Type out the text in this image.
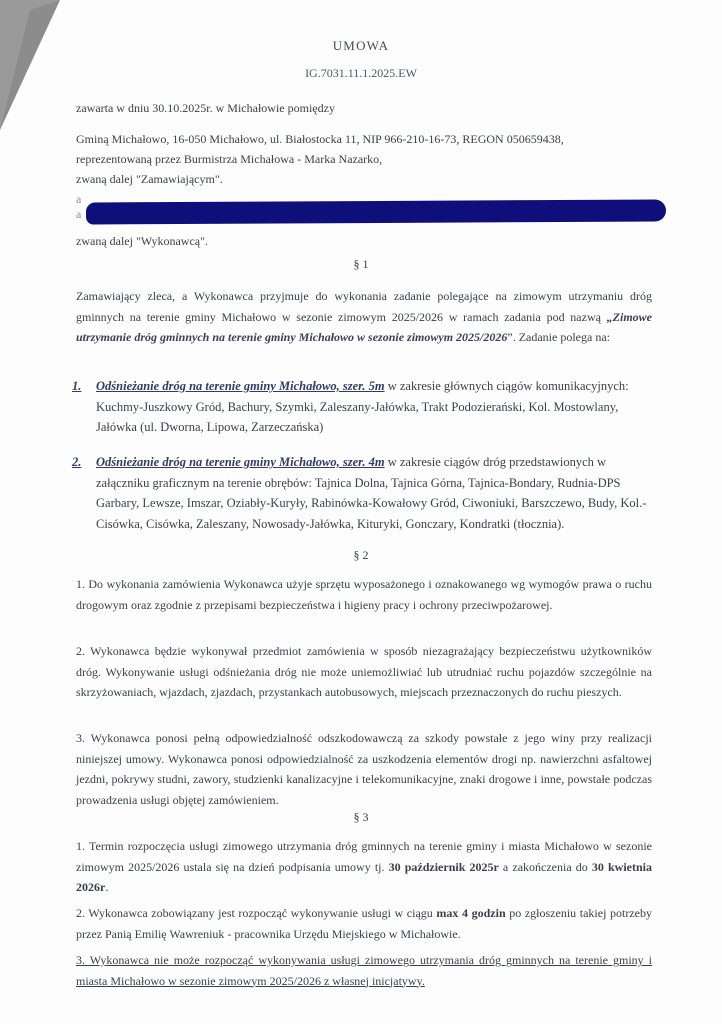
UMOWA
IG.7031.11.1.2025.EW
zawarta w dniu 30.10.2025r. w Michałowie pomiędzy
Gminą Michałowo, 16-050 Michałowo, ul. Białostocka 11, NIP 966-210-16-73, REGON 050659438,
reprezentowaną przez Burmistrza Michałowa - Marka Nazarko,
zwaną dalej "Zamawiającym".
a
a
zwaną dalej "Wykonawcą".
§ 1
Zamawiający zleca, a Wykonawca przyjmuje do wykonania zadanie polegające na zimowym utrzymaniu dróg gminnych na terenie gminy Michałowo w sezonie zimowym 2025/2026 w ramach zadania pod nazwą „Zimowe utrzymanie dróg gminnych na terenie gminy Michałowo w sezonie zimowym 2025/2026”. Zadanie polega na:
1. Odśnieżanie dróg na terenie gminy Michałowo, szer. 5m w zakresie głównych ciągów komunikacyjnych: Kuchmy-Juszkowy Gród, Bachury, Szymki, Zaleszany-Jałówka, Trakt Podozierański, Kol. Mostowlany, Jałówka (ul. Dworna, Lipowa, Zarzeczańska)
2. Odśnieżanie dróg na terenie gminy Michałowo, szer. 4m w zakresie ciągów dróg przedstawionych w załączniku graficznym na terenie obrębów: Tajnica Dolna, Tajnica Górna, Tajnica-Bondary, Rudnia-DPS Garbary, Lewsze, Imszar, Oziabły-Kuryły, Rabinówka-Kowałowy Gród, Ciwoniuki, Barszczewo, Budy, Kol.- Cisówka, Cisówka, Zaleszany, Nowosady-Jałówka, Kituryki, Gonczary, Kondratki (tłocznia).
§ 2
1. Do wykonania zamówienia Wykonawca użyje sprzętu wyposażonego i oznakowanego wg wymogów prawa o ruchu drogowym oraz zgodnie z przepisami bezpieczeństwa i higieny pracy i ochrony przeciwpożarowej.
2. Wykonawca będzie wykonywał przedmiot zamówienia w sposób niezagrażający bezpieczeństwu użytkowników dróg. Wykonywanie usługi odśnieżania dróg nie może uniemożliwiać lub utrudniać ruchu pojazdów szczególnie na skrzyżowaniach, wjazdach, zjazdach, przystankach autobusowych, miejscach przeznaczonych do ruchu pieszych.
3. Wykonawca ponosi pełną odpowiedzialność odszkodowawczą za szkody powstałe z jego winy przy realizacji niniejszej umowy. Wykonawca ponosi odpowiedzialność za uszkodzenia elementów drogi np. nawierzchni asfaltowej jezdni, pokrywy studni, zawory, studzienki kanalizacyjne i telekomunikacyjne, znaki drogowe i inne, powstałe podczas prowadzenia usługi objętej zamówieniem.
§ 3
1. Termin rozpoczęcia usługi zimowego utrzymania dróg gminnych na terenie gminy i miasta Michałowo w sezonie zimowym 2025/2026 ustala się na dzień podpisania umowy tj. 30 październik 2025r a zakończenia do 30 kwietnia 2026r.
2. Wykonawca zobowiązany jest rozpocząć wykonywanie usługi w ciągu max 4 godzin po zgłoszeniu takiej potrzeby przez Panią Emilię Wawreniuk - pracownika Urzędu Miejskiego w Michałowie.
3. Wykonawca nie może rozpocząć wykonywania usługi zimowego utrzymania dróg gminnych na terenie gminy i miasta Michałowo w sezonie zimowym 2025/2026 z własnej inicjatywy.
